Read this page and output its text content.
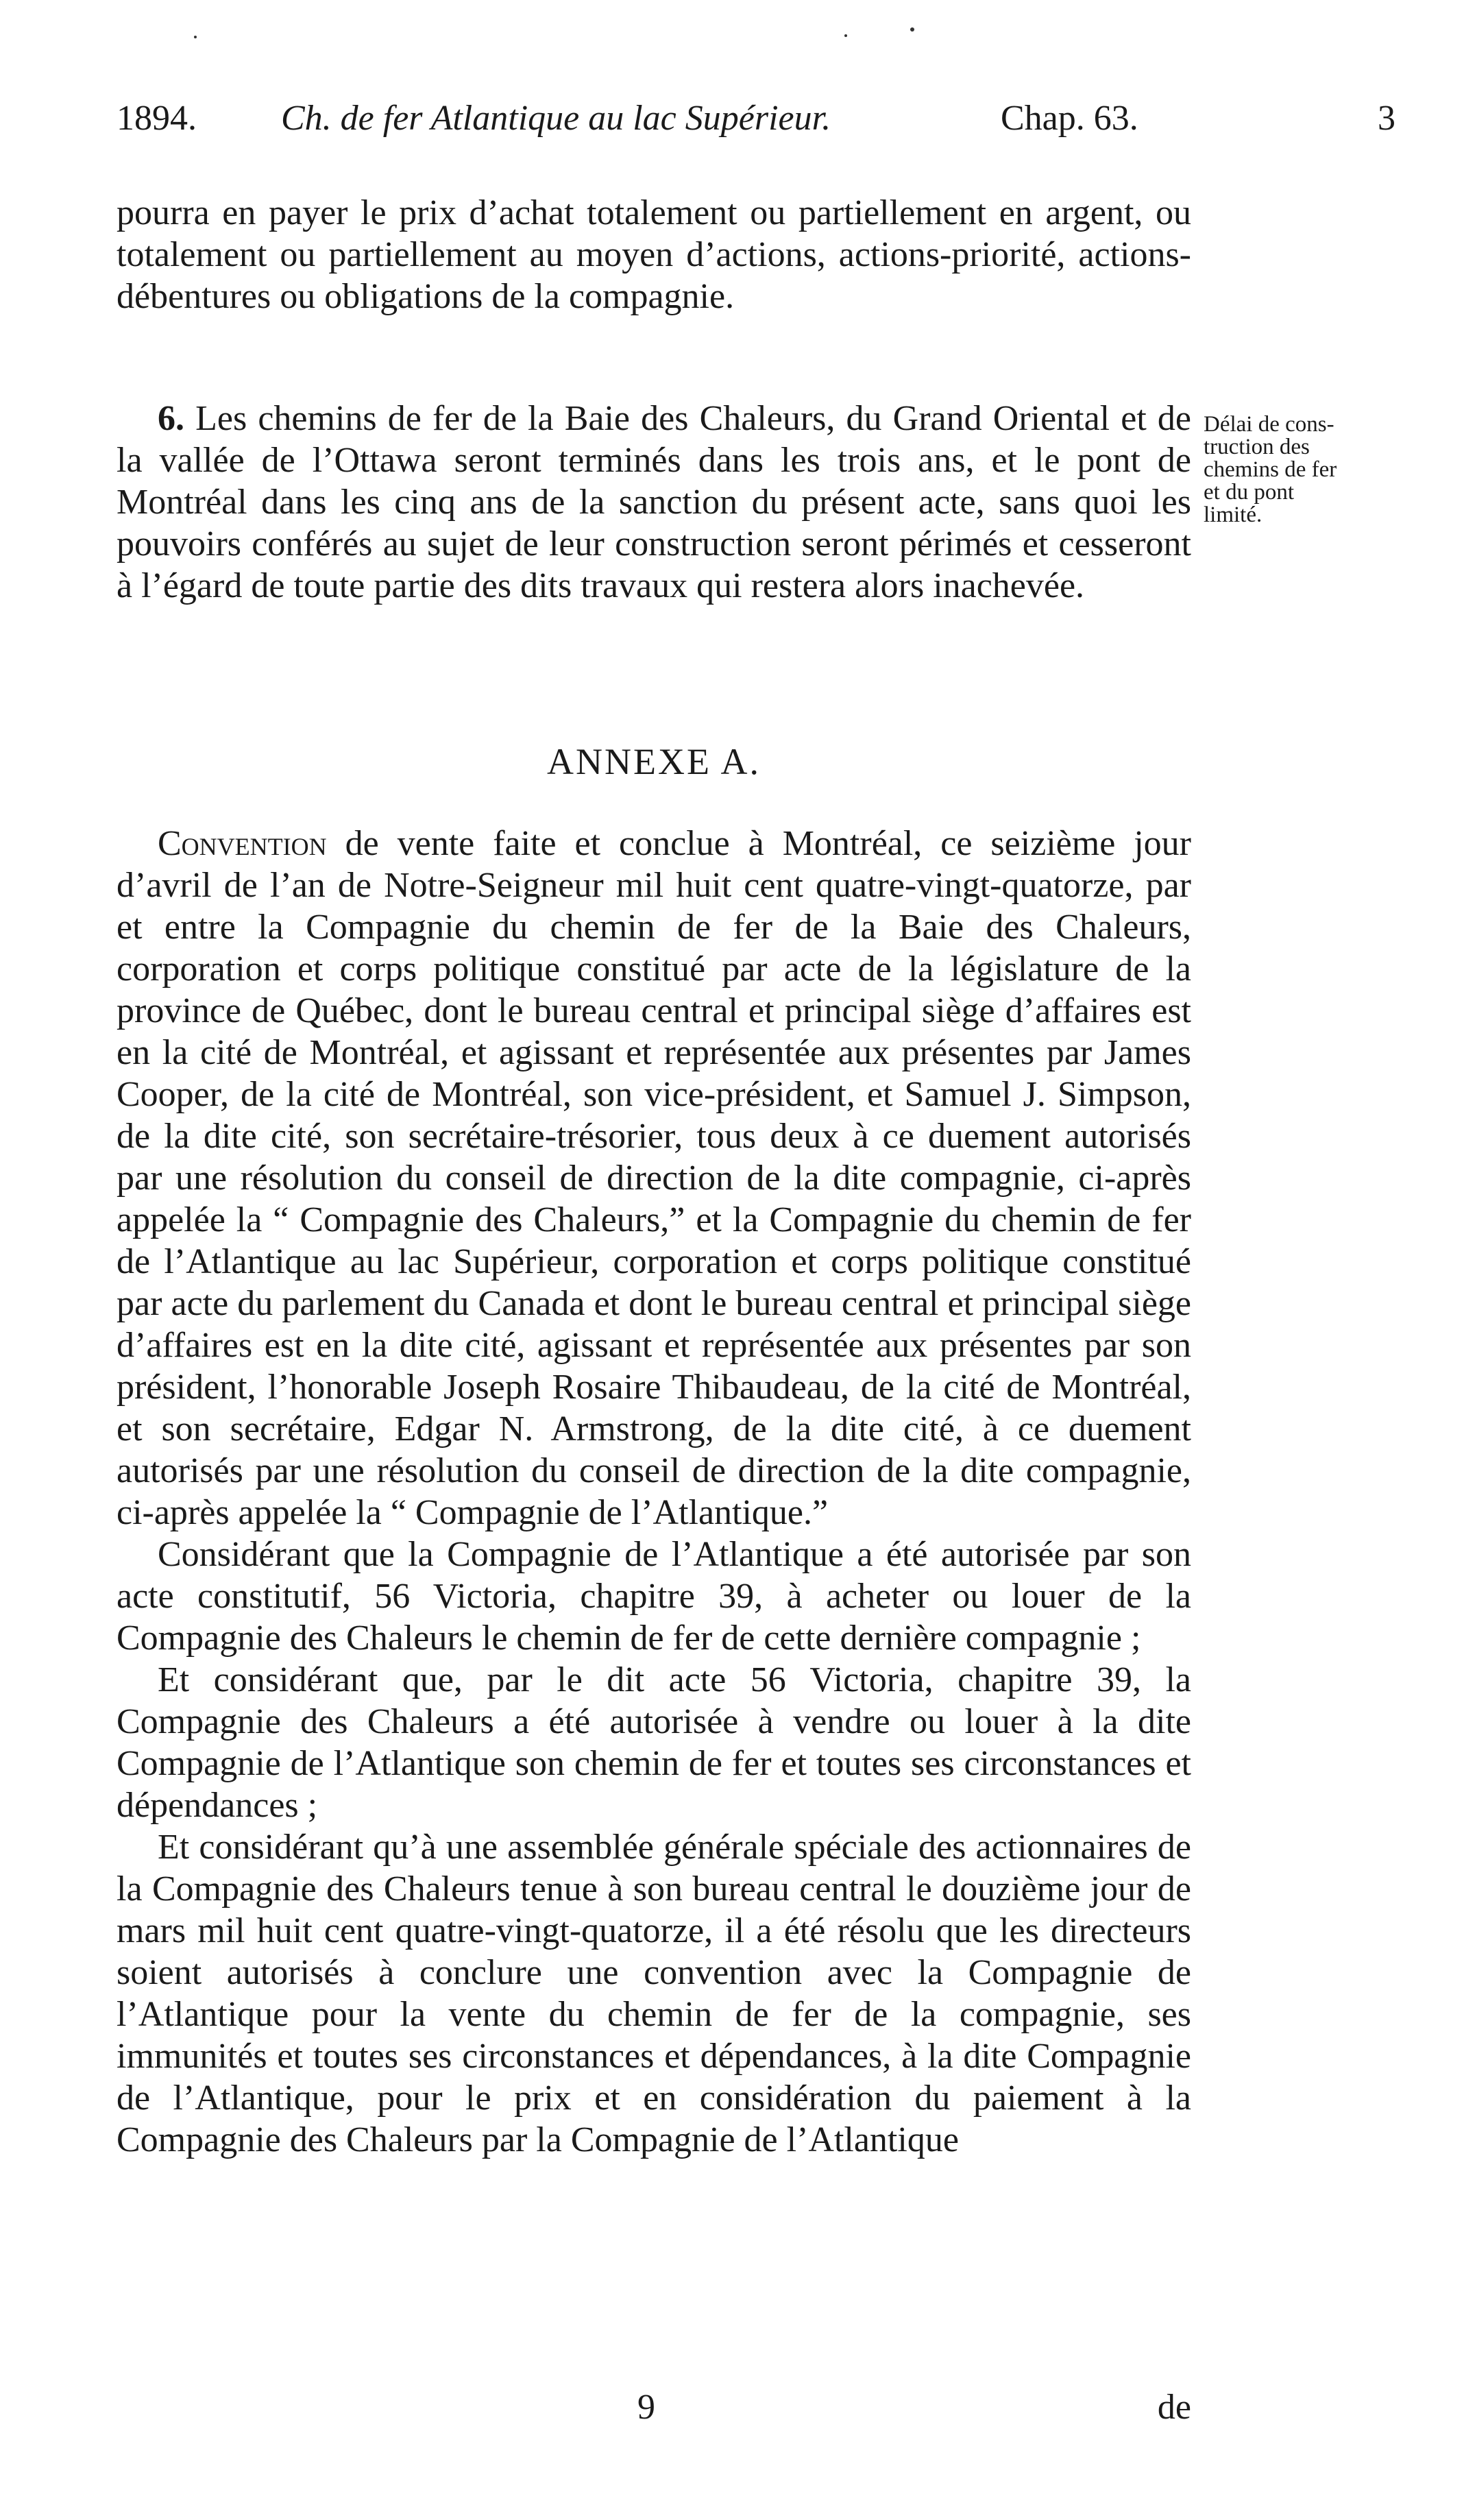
1894. Ch. de fer Atlantique au lac Supérieur.	Chap. 63.	3

pourra en payer le prix d’achat totalement ou partiellement en argent, ou totalement ou partiellement au moyen d’actions, actions-priorité, actions-débentures ou obligations de la compagnie.

6. Les chemins de fer de la Baie des Chaleurs, du Grand Oriental et de la vallée de l’Ottawa seront terminés dans les trois ans, et le pont de Montréal dans les cinq ans de la sanction du présent acte, sans quoi les pouvoirs conférés au sujet de leur construction seront périmés et cesseront à l’égard de toute partie des dits travaux qui restera alors inachevée.

Délai de cons-
truction des
chemins de fer
et du pont
limité.
ANNEXE A.

Convention de vente faite et conclue à Montréal, ce seizième jour d’avril de l’an de Notre-Seigneur mil huit cent quatre-vingt-quatorze, par et entre la Compagnie du chemin de fer de la Baie des Chaleurs, corporation et corps politique constitué par acte de la législature de la province de Québec, dont le bureau central et principal siège d’affaires est en la cité de Montréal, et agissant et représentée aux présentes par James Cooper, de la cité de Montréal, son vice-président, et Samuel J. Simpson, de la dite cité, son secrétaire-trésorier, tous deux à ce duement autorisés par une résolution du conseil de direction de la dite compagnie, ci-après appelée la “ Compagnie des Chaleurs,” et la Compagnie du chemin de fer de l’Atlantique au lac Supérieur, corporation et corps politique constitué par acte du parlement du Canada et dont le bureau central et principal siège d’affaires est en la dite cité, agissant et représentée aux présentes par son président, l’honorable Joseph Rosaire Thibaudeau, de la cité de Montréal, et son secrétaire, Edgar N. Armstrong, de la dite cité, à ce duement autorisés par une résolution du conseil de direction de la dite compagnie, ci-après appelée la “ Compagnie de l’Atlantique.”

Considérant que la Compagnie de l’Atlantique a été autorisée par son acte constitutif, 56 Victoria, chapitre 39, à acheter ou louer de la Compagnie des Chaleurs le chemin de fer de cette dernière compagnie ;

Et considérant que, par le dit acte 56 Victoria, chapitre 39, la Compagnie des Chaleurs a été autorisée à vendre ou louer à la dite Compagnie de l’Atlantique son chemin de fer et toutes ses circonstances et dépendances ;

Et considérant qu’à une assemblée générale spéciale des actionnaires de la Compagnie des Chaleurs tenue à son bureau central le douzième jour de mars mil huit cent quatre-vingt-quatorze, il a été résolu que les directeurs soient autorisés à conclure une convention avec la Compagnie de l’Atlantique pour la vente du chemin de fer de la compagnie, ses immunités et toutes ses circonstances et dépendances, à la dite Compagnie de l’Atlantique, pour le prix et en considération du paiement à la Compagnie des Chaleurs par la Compagnie de l’Atlantique

9	de
